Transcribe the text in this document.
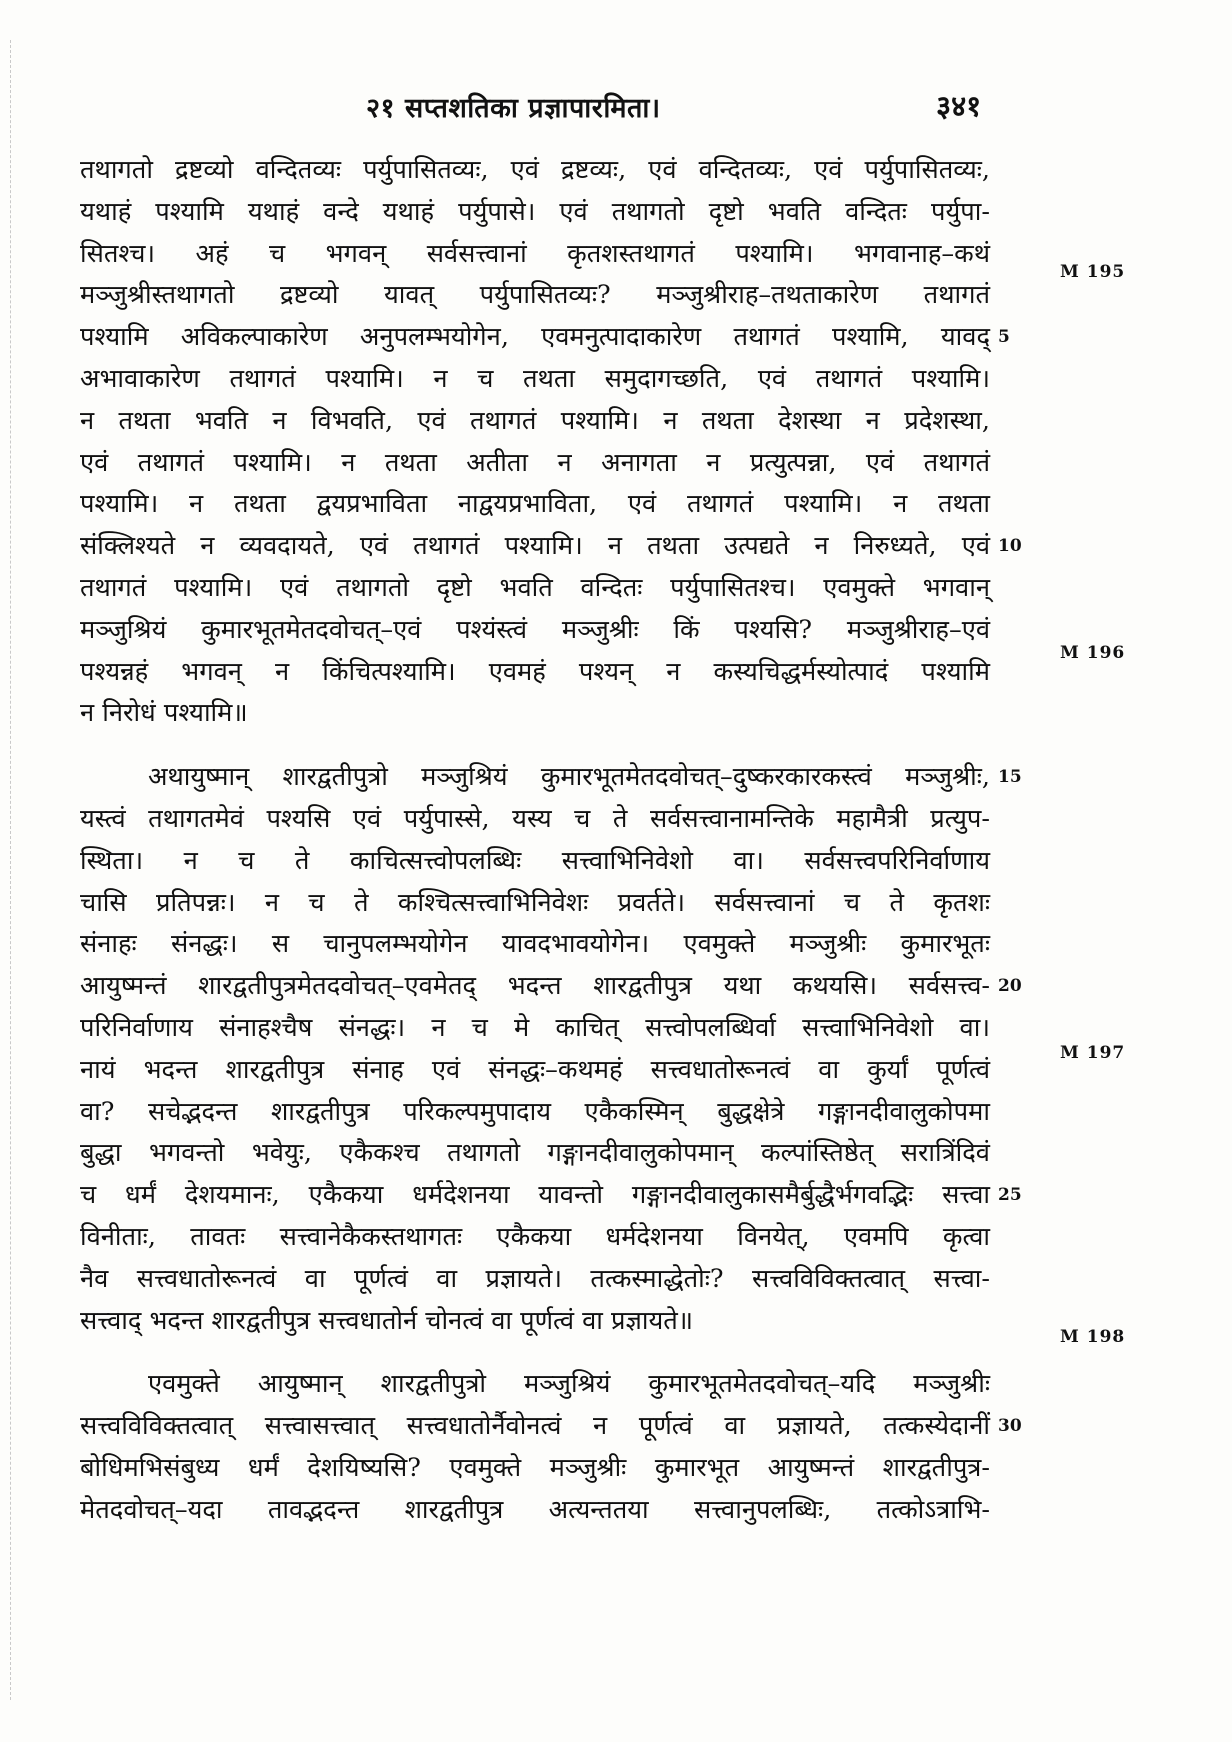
२१ सप्तशतिका प्रज्ञापारमिता।	३४१
तथागतो द्रष्टव्यो वन्दितव्यः पर्युपासितव्यः, एवं द्रष्टव्यः, एवं वन्दितव्यः, एवं पर्युपासितव्यः,
यथाहं पश्यामि यथाहं वन्दे यथाहं पर्युपासे। एवं तथागतो दृष्टो भवति वन्दितः पर्युपा-
सितश्च। अहं च भगवन् सर्वसत्त्वानां कृतशस्तथागतं पश्यामि। भगवानाह–कथं
मञ्जुश्रीस्तथागतो द्रष्टव्यो यावत् पर्युपासितव्यः? मञ्जुश्रीराह–तथताकारेण तथागतं
पश्यामि अविकल्पाकारेण अनुपलम्भयोगेन, एवमनुत्पादाकारेण तथागतं पश्यामि, यावद् 5
अभावाकारेण तथागतं पश्यामि। न च तथता समुदागच्छति, एवं तथागतं पश्यामि।
न तथता भवति न विभवति, एवं तथागतं पश्यामि। न तथता देशस्था न प्रदेशस्था,
एवं तथागतं पश्यामि। न तथता अतीता न अनागता न प्रत्युत्पन्ना, एवं तथागतं
पश्यामि। न तथता द्वयप्रभाविता नाद्वयप्रभाविता, एवं तथागतं पश्यामि। न तथता
संक्लिश्यते न व्यवदायते, एवं तथागतं पश्यामि। न तथता उत्पद्यते न निरुध्यते, एवं 10
तथागतं पश्यामि। एवं तथागतो दृष्टो भवति वन्दितः पर्युपासितश्च। एवमुक्ते भगवान्
मञ्जुश्रियं कुमारभूतमेतदवोचत्–एवं पश्यंस्त्वं मञ्जुश्रीः किं पश्यसि? मञ्जुश्रीराह–एवं
पश्यन्नहं भगवन् न किंचित्पश्यामि। एवमहं पश्यन् न कस्यचिद्धर्मस्योत्पादं पश्यामि
न निरोधं पश्यामि॥
अथायुष्मान् शारद्वतीपुत्रो मञ्जुश्रियं कुमारभूतमेतदवोचत्–दुष्करकारकस्त्वं मञ्जुश्रीः, 15
यस्त्वं तथागतमेवं पश्यसि एवं पर्युपास्से, यस्य च ते सर्वसत्त्वानामन्तिके महामैत्री प्रत्युप-
स्थिता। न च ते काचित्सत्त्वोपलब्धिः सत्त्वाभिनिवेशो वा। सर्वसत्त्वपरिनिर्वाणाय
चासि प्रतिपन्नः। न च ते कश्चित्सत्त्वाभिनिवेशः प्रवर्तते। सर्वसत्त्वानां च ते कृतशः
संनाहः संनद्धः। स चानुपलम्भयोगेन यावदभावयोगेन। एवमुक्ते मञ्जुश्रीः कुमारभूतः
आयुष्मन्तं शारद्वतीपुत्रमेतदवोचत्–एवमेतद् भदन्त शारद्वतीपुत्र यथा कथयसि। सर्वसत्त्व- 20
परिनिर्वाणाय संनाहश्चैष संनद्धः। न च मे काचित् सत्त्वोपलब्धिर्वा सत्त्वाभिनिवेशो वा।
नायं भदन्त शारद्वतीपुत्र संनाह एवं संनद्धः–कथमहं सत्त्वधातोरूनत्वं वा कुर्यां पूर्णत्वं
वा? सचेद्भदन्त शारद्वतीपुत्र परिकल्पमुपादाय एकैकस्मिन् बुद्धक्षेत्रे गङ्गानदीवालुकोपमा
बुद्धा भगवन्तो भवेयुः, एकैकश्च तथागतो गङ्गानदीवालुकोपमान् कल्पांस्तिष्ठेत् सरात्रिंदिवं
च धर्मं देशयमानः, एकैकया धर्मदेशनया यावन्तो गङ्गानदीवालुकासमैर्बुद्धैर्भगवद्भिः सत्त्वा 25
विनीताः, तावतः सत्त्वानेकैकस्तथागतः एकैकया धर्मदेशनया विनयेत्, एवमपि कृत्वा
नैव सत्त्वधातोरूनत्वं वा पूर्णत्वं वा प्रज्ञायते। तत्कस्माद्धेतोः? सत्त्वविविक्तत्वात् सत्त्वा-
सत्त्वाद् भदन्त शारद्वतीपुत्र सत्त्वधातोर्न चोनत्वं वा पूर्णत्वं वा प्रज्ञायते॥
एवमुक्ते आयुष्मान् शारद्वतीपुत्रो मञ्जुश्रियं कुमारभूतमेतदवोचत्–यदि मञ्जुश्रीः
सत्त्वविविक्तत्वात् सत्त्वासत्त्वात् सत्त्वधातोर्नैवोनत्वं न पूर्णत्वं वा प्रज्ञायते, तत्कस्येदानीं 30
बोधिमभिसंबुध्य धर्मं देशयिष्यसि? एवमुक्ते मञ्जुश्रीः कुमारभूत आयुष्मन्तं शारद्वतीपुत्र-
मेतदवोचत्–यदा तावद्भदन्त शारद्वतीपुत्र अत्यन्ततया सत्त्वानुपलब्धिः, तत्कोऽत्राभि-
M 195
M 196
M 197
M 198
